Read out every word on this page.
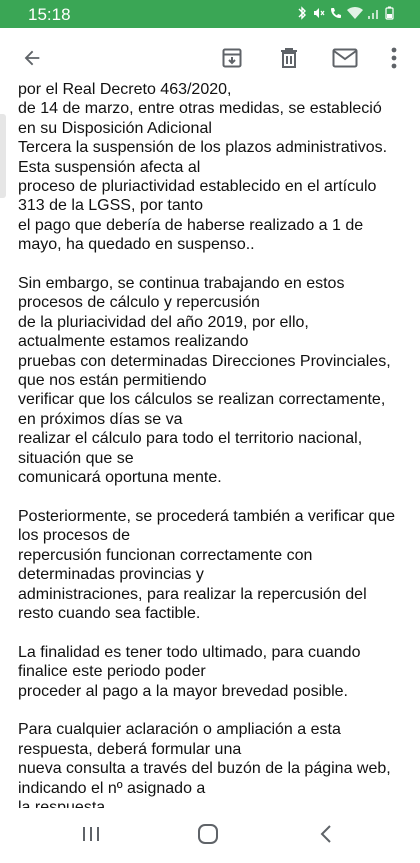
15:18

por el Real Decreto 463/2020,
de 14 de marzo, entre otras medidas, se estableció
en su Disposición Adicional
Tercera la suspensión de los plazos administrativos.
Esta suspensión afecta al
proceso de pluriactividad establecido en el artículo
313 de la LGSS, por tanto
el pago que debería de haberse realizado a 1 de
mayo, ha quedado en suspenso..

Sin embargo, se continua trabajando en estos
procesos de cálculo y repercusión
de la pluriacividad del año 2019, por ello,
actualmente estamos realizando
pruebas con determinadas Direcciones Provinciales,
que nos están permitiendo
verificar que los cálculos se realizan correctamente,
en próximos días se va
realizar el cálculo para todo el territorio nacional,
situación que se
comunicará oportuna mente.

Posteriormente, se procederá también a verificar que
los procesos de
repercusión funcionan correctamente con
determinadas provincias y
administraciones, para realizar la repercusión del
resto cuando sea factible.

La finalidad es tener todo ultimado, para cuando
finalice este periodo poder
proceder al pago a la mayor brevedad posible.

Para cualquier aclaración o ampliación a esta
respuesta, deberá formular una
nueva consulta a través del buzón de la página web,
indicando el nº asignado a
